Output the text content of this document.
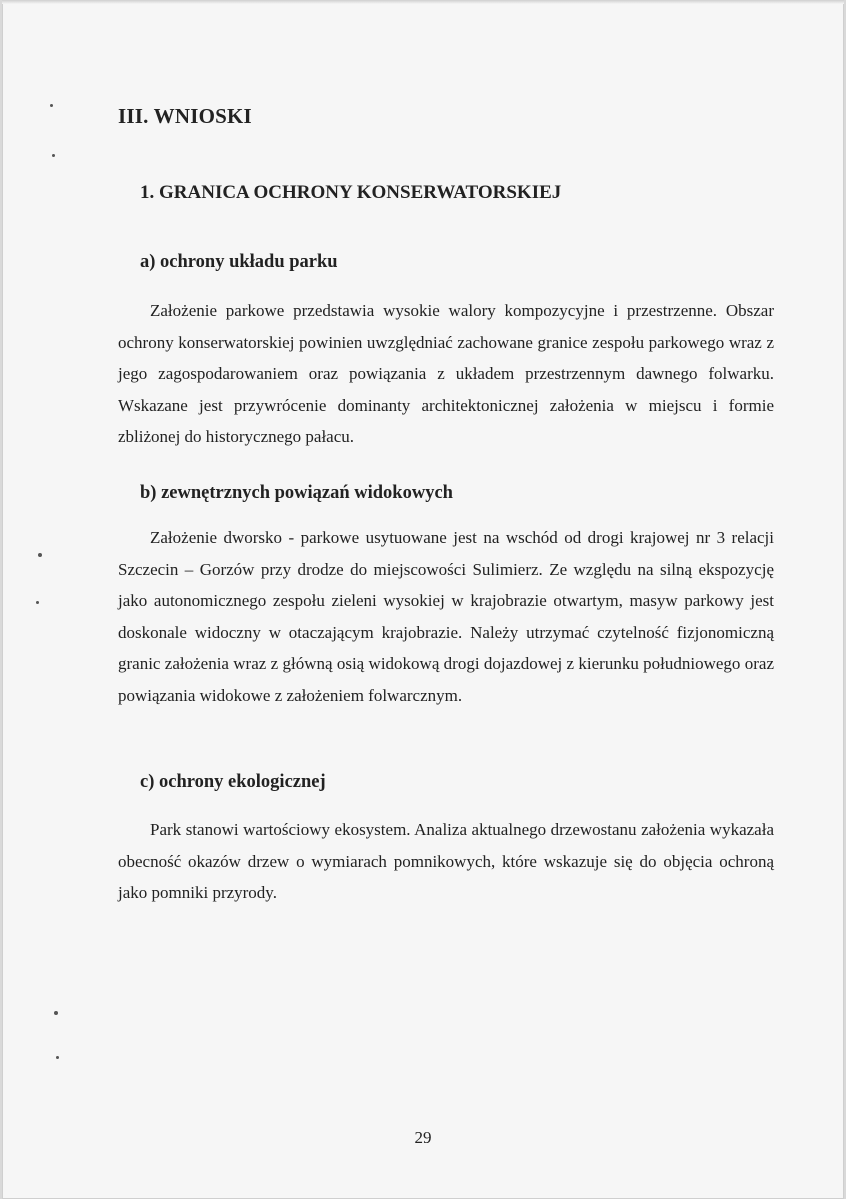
III. WNIOSKI
1. GRANICA OCHRONY KONSERWATORSKIEJ
a) ochrony układu parku

Założenie parkowe przedstawia wysokie walory kompozycyjne i przestrzenne. Obszar ochrony konserwatorskiej powinien uwzględniać zachowane granice zespołu parkowego wraz z jego zagospodarowaniem oraz powiązania z układem przestrzennym dawnego folwarku. Wskazane jest przywrócenie dominanty architektonicznej założenia w miejscu i formie zbliżonej do historycznego pałacu.

b) zewnętrznych powiązań widokowych

Założenie dworsko - parkowe usytuowane jest na wschód od drogi krajowej nr 3 relacji Szczecin – Gorzów przy drodze do miejscowości Sulimierz. Ze względu na silną ekspozycję jako autonomicznego zespołu zieleni wysokiej w krajobrazie otwartym, masyw parkowy jest doskonale widoczny w otaczającym krajobrazie. Należy utrzymać czytelność fizjonomiczną granic założenia wraz z główną osią widokową drogi dojazdowej z kierunku południowego oraz powiązania widokowe z założeniem folwarcznym.

c) ochrony ekologicznej

Park stanowi wartościowy ekosystem. Analiza aktualnego drzewostanu założenia wykazała obecność okazów drzew o wymiarach pomnikowych, które wskazuje się do objęcia ochroną jako pomniki przyrody.

29
